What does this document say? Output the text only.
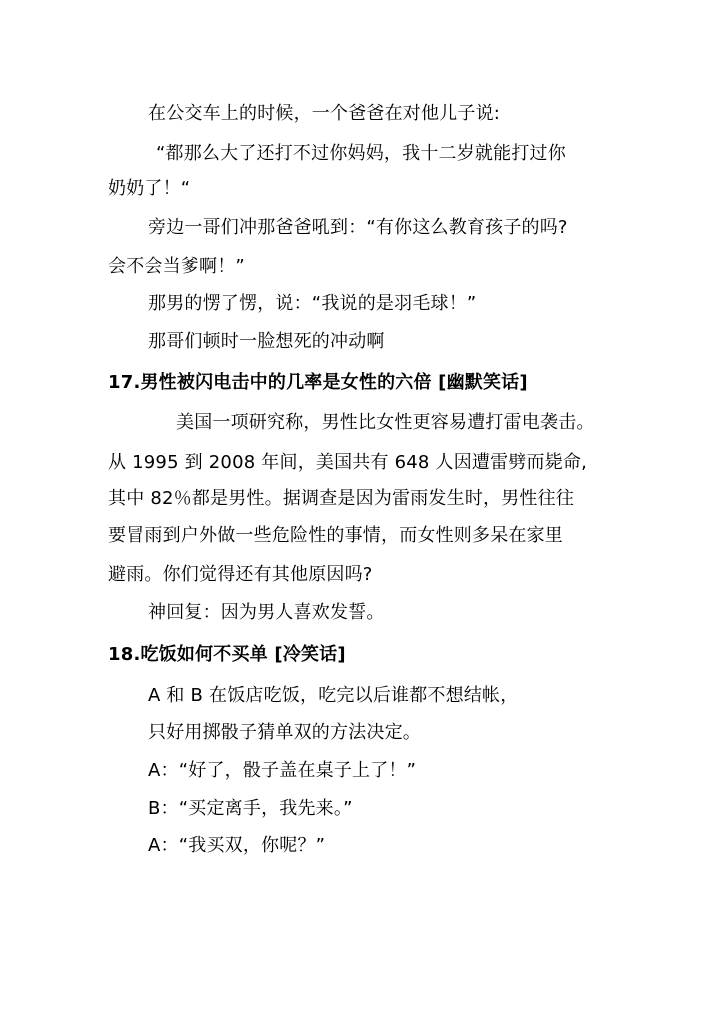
在公交车上的时候，一个爸爸在对他儿子说:
“都那么大了还打不过你妈妈，我十二岁就能打过你
奶奶了！“
旁边一哥们冲那爸爸吼到：“有你这么教育孩子的吗?
会不会当爹啊！”
那男的愣了愣，说：“我说的是羽毛球！”
那哥们顿时一脸想死的冲动啊
17.男性被闪电击中的几率是女性的六倍 [幽默笑话]
美国一项研究称，男性比女性更容易遭打雷电袭击。
从 1995 到 2008 年间，美国共有 648 人因遭雷劈而毙命,
其中 82％都是男性。据调查是因为雷雨发生时，男性往往
要冒雨到户外做一些危险性的事情，而女性则多呆在家里
避雨。你们觉得还有其他原因吗?
神回复：因为男人喜欢发誓。
18.吃饭如何不买单 [冷笑话]
A 和 B 在饭店吃饭，吃完以后谁都不想结帐，
只好用掷骰子猜单双的方法决定。
A：“好了，骰子盖在桌子上了！”
B：“买定离手，我先来。”
A：“我买双，你呢？”
